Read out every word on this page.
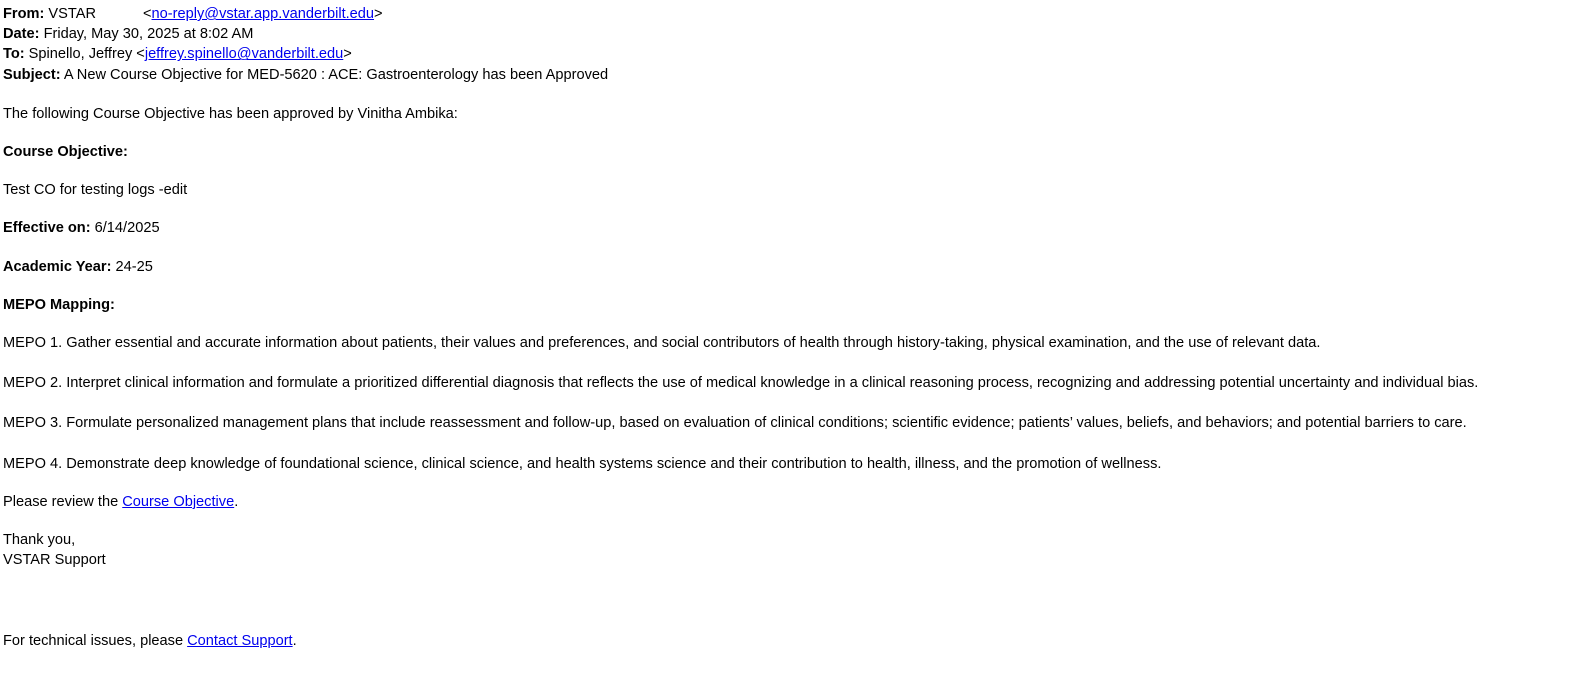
From: VSTAR	<no-reply@vstar.app.vanderbilt.edu>
Date: Friday, May 30, 2025 at 8:02 AM
To: Spinello, Jeffrey <jeffrey.spinello@vanderbilt.edu>
Subject: A New Course Objective for MED-5620 : ACE: Gastroenterology has been Approved

The following Course Objective has been approved by Vinitha Ambika:

Course Objective:

Test CO for testing logs -edit

Effective on: 6/14/2025

Academic Year: 24-25

MEPO Mapping:

MEPO 1. Gather essential and accurate information about patients, their values and preferences, and social contributors of health through history-taking, physical examination, and the use of relevant data.

MEPO 2. Interpret clinical information and formulate a prioritized differential diagnosis that reflects the use of medical knowledge in a clinical reasoning process, recognizing and addressing potential uncertainty and individual bias.

MEPO 3. Formulate personalized management plans that include reassessment and follow-up, based on evaluation of clinical conditions; scientific evidence; patients’ values, beliefs, and behaviors; and potential barriers to care.

MEPO 4. Demonstrate deep knowledge of foundational science, clinical science, and health systems science and their contribution to health, illness, and the promotion of wellness.

Please review the Course Objective.

Thank you,

VSTAR Support

For technical issues, please Contact Support.
